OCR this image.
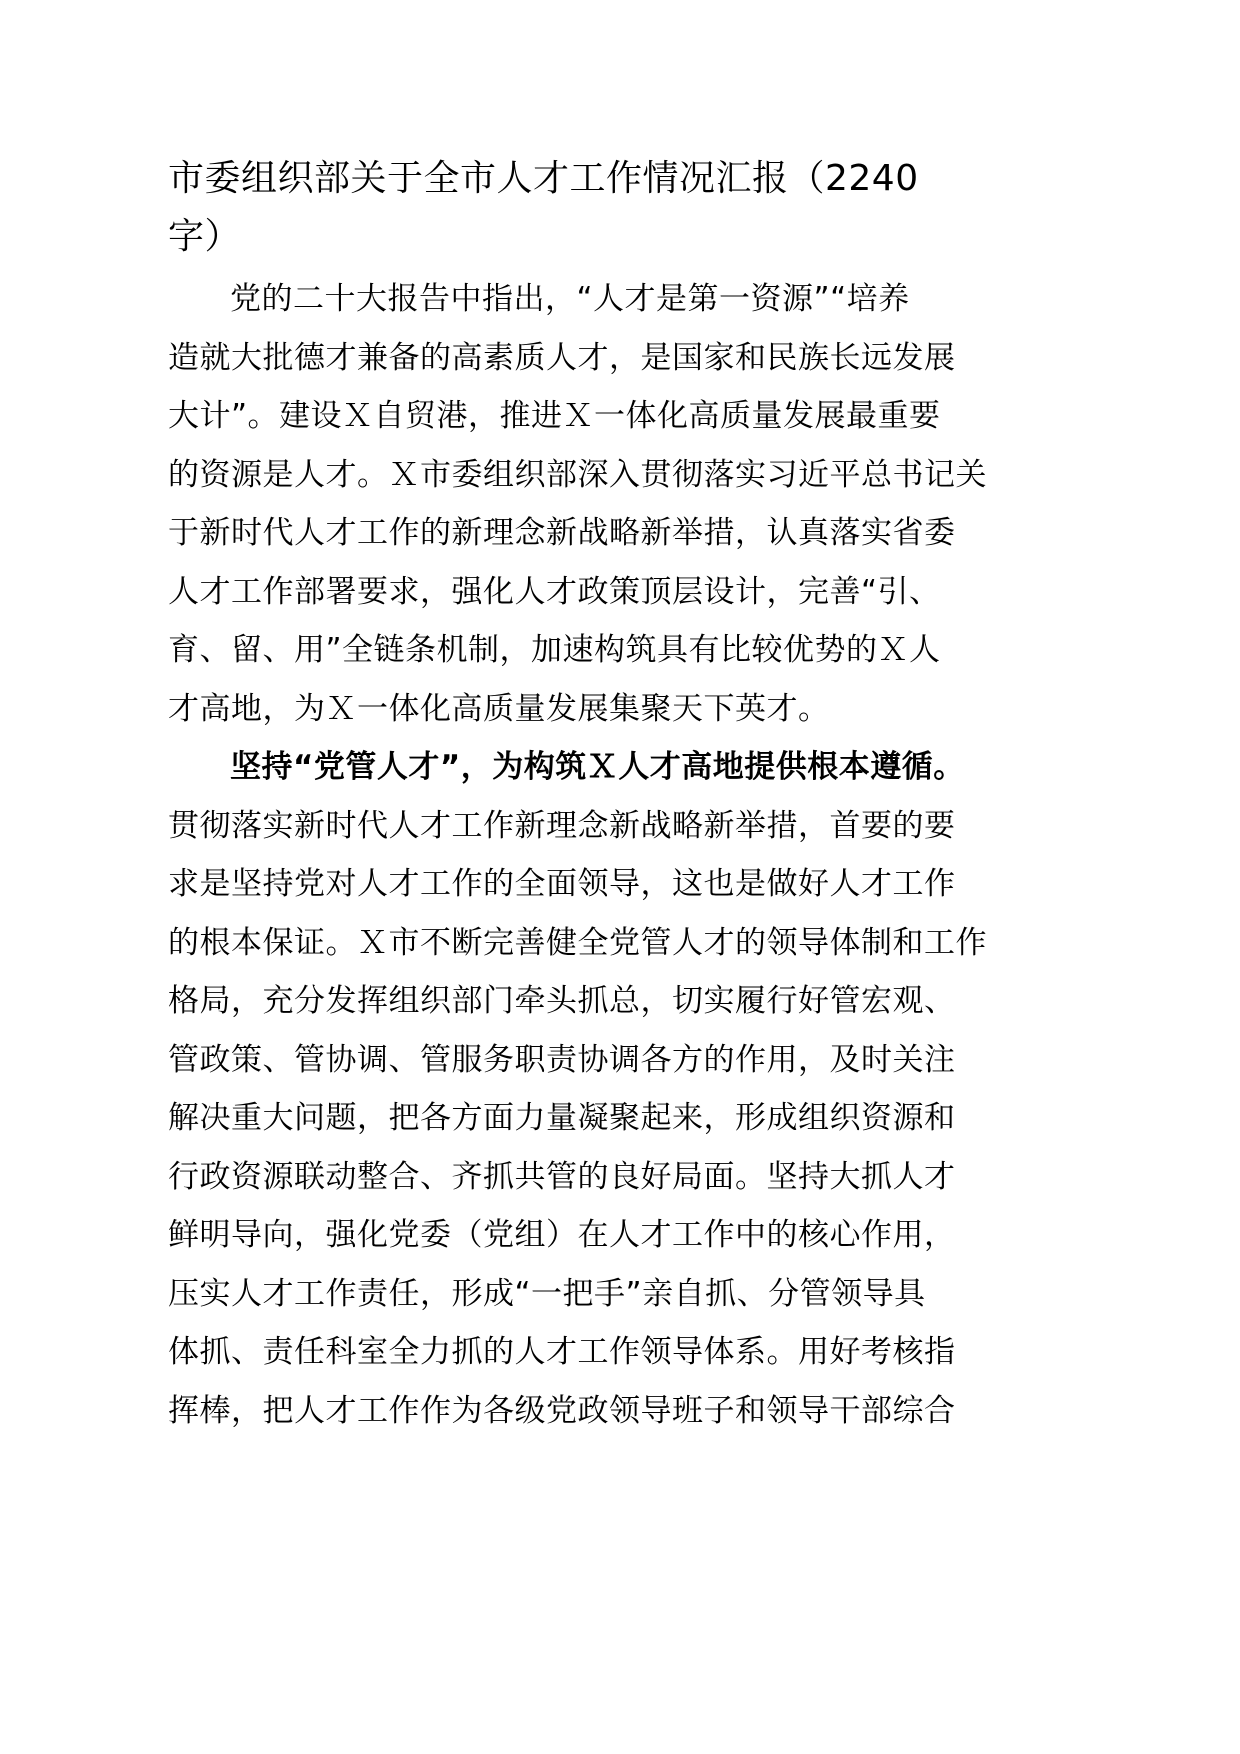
市委组织部关于全市人才工作情况汇报（2240字）
党的二十大报告中指出，“人才是第一资源”“培养
造就大批德才兼备的高素质人才，是国家和民族长远发展
大计”。建设Ｘ自贸港，推进Ｘ一体化高质量发展最重要
的资源是人才。Ｘ市委组织部深入贯彻落实习近平总书记关
于新时代人才工作的新理念新战略新举措，认真落实省委
人才工作部署要求，强化人才政策顶层设计，完善“引、
育、留、用”全链条机制，加速构筑具有比较优势的Ｘ人
才高地，为Ｘ一体化高质量发展集聚天下英才。
坚持“党管人才”，为构筑Ｘ人才高地提供根本遵循。
贯彻落实新时代人才工作新理念新战略新举措，首要的要
求是坚持党对人才工作的全面领导，这也是做好人才工作
的根本保证。Ｘ市不断完善健全党管人才的领导体制和工作
格局，充分发挥组织部门牵头抓总，切实履行好管宏观、
管政策、管协调、管服务职责协调各方的作用，及时关注
解决重大问题，把各方面力量凝聚起来，形成组织资源和
行政资源联动整合、齐抓共管的良好局面。坚持大抓人才
鲜明导向，强化党委（党组）在人才工作中的核心作用，
压实人才工作责任，形成“一把手”亲自抓、分管领导具
体抓、责任科室全力抓的人才工作领导体系。用好考核指
挥棒，把人才工作作为各级党政领导班子和领导干部综合
